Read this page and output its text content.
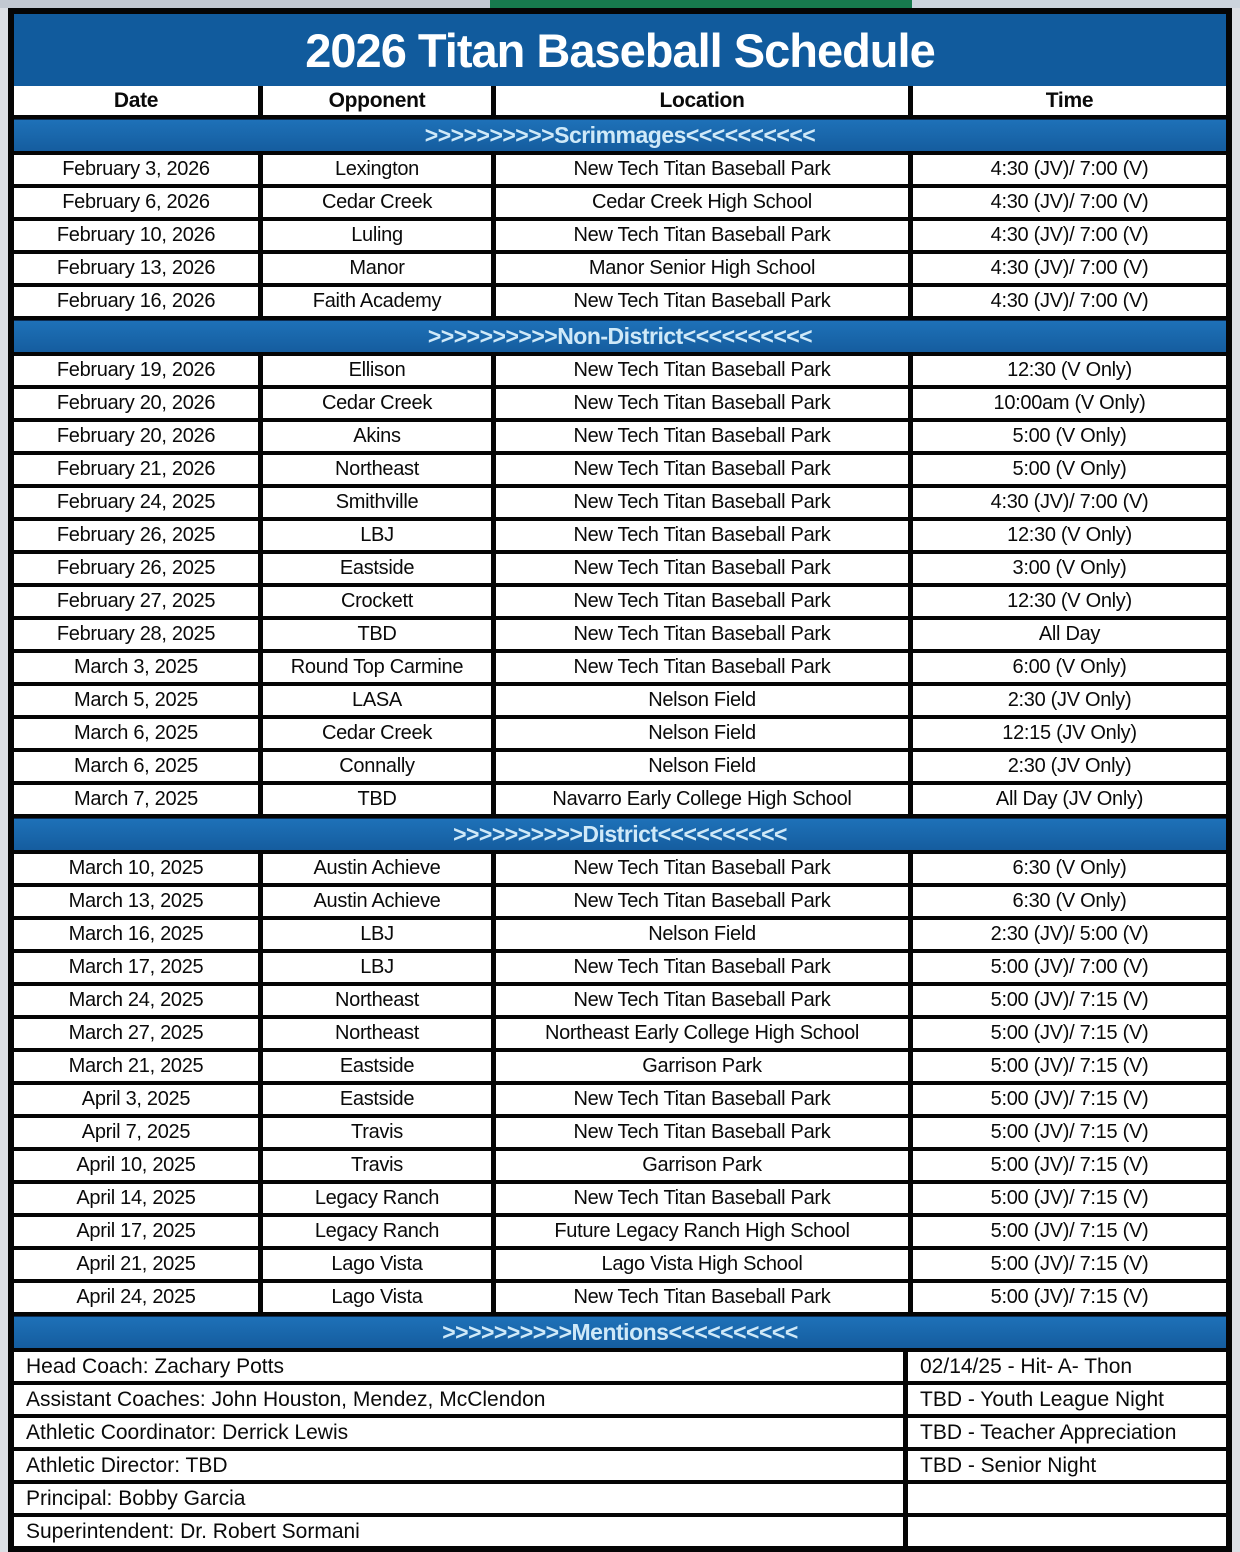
2026 Titan Baseball Schedule
Date	Opponent	Location	Time
>>>>>>>>>>Scrimmages<<<<<<<<<<
February 3, 2026	Lexington	New Tech Titan Baseball Park	4:30 (JV)/ 7:00 (V)
February 6, 2026	Cedar Creek	Cedar Creek High School	4:30 (JV)/ 7:00 (V)
February 10, 2026	Luling	New Tech Titan Baseball Park	4:30 (JV)/ 7:00 (V)
February 13, 2026	Manor	Manor Senior High School	4:30 (JV)/ 7:00 (V)
February 16, 2026	Faith Academy	New Tech Titan Baseball Park	4:30 (JV)/ 7:00 (V)
>>>>>>>>>>Non-District<<<<<<<<<<
February 19, 2026	Ellison	New Tech Titan Baseball Park	12:30 (V Only)
February 20, 2026	Cedar Creek	New Tech Titan Baseball Park	10:00am (V Only)
February 20, 2026	Akins	New Tech Titan Baseball Park	5:00 (V Only)
February 21, 2026	Northeast	New Tech Titan Baseball Park	5:00 (V Only)
February 24, 2025	Smithville	New Tech Titan Baseball Park	4:30 (JV)/ 7:00 (V)
February 26, 2025	LBJ	New Tech Titan Baseball Park	12:30 (V Only)
February 26, 2025	Eastside	New Tech Titan Baseball Park	3:00 (V Only)
February 27, 2025	Crockett	New Tech Titan Baseball Park	12:30 (V Only)
February 28, 2025	TBD	New Tech Titan Baseball Park	All Day
March 3, 2025	Round Top Carmine	New Tech Titan Baseball Park	6:00 (V Only)
March 5, 2025	LASA	Nelson Field	2:30 (JV Only)
March 6, 2025	Cedar Creek	Nelson Field	12:15 (JV Only)
March 6, 2025	Connally	Nelson Field	2:30 (JV Only)
March 7, 2025	TBD	Navarro Early College High School	All Day (JV Only)
>>>>>>>>>>District<<<<<<<<<<
March 10, 2025	Austin Achieve	New Tech Titan Baseball Park	6:30 (V Only)
March 13, 2025	Austin Achieve	New Tech Titan Baseball Park	6:30 (V Only)
March 16, 2025	LBJ	Nelson Field	2:30 (JV)/ 5:00 (V)
March 17, 2025	LBJ	New Tech Titan Baseball Park	5:00 (JV)/ 7:00 (V)
March 24, 2025	Northeast	New Tech Titan Baseball Park	5:00 (JV)/ 7:15 (V)
March 27, 2025	Northeast	Northeast Early College High School	5:00 (JV)/ 7:15 (V)
March 21, 2025	Eastside	Garrison Park	5:00 (JV)/ 7:15 (V)
April 3, 2025	Eastside	New Tech Titan Baseball Park	5:00 (JV)/ 7:15 (V)
April 7, 2025	Travis	New Tech Titan Baseball Park	5:00 (JV)/ 7:15 (V)
April 10, 2025	Travis	Garrison Park	5:00 (JV)/ 7:15 (V)
April 14, 2025	Legacy Ranch	New Tech Titan Baseball Park	5:00 (JV)/ 7:15 (V)
April 17, 2025	Legacy Ranch	Future Legacy Ranch High School	5:00 (JV)/ 7:15 (V)
April 21, 2025	Lago Vista	Lago Vista High School	5:00 (JV)/ 7:15 (V)
April 24, 2025	Lago Vista	New Tech Titan Baseball Park	5:00 (JV)/ 7:15 (V)
>>>>>>>>>>Mentions<<<<<<<<<<
Head Coach: Zachary Potts	02/14/25 - Hit- A- Thon
Assistant Coaches: John Houston, Mendez, McClendon	TBD - Youth League Night
Athletic Coordinator: Derrick Lewis	TBD - Teacher Appreciation
Athletic Director: TBD	TBD - Senior Night
Principal: Bobby Garcia
Superintendent: Dr. Robert Sormani
